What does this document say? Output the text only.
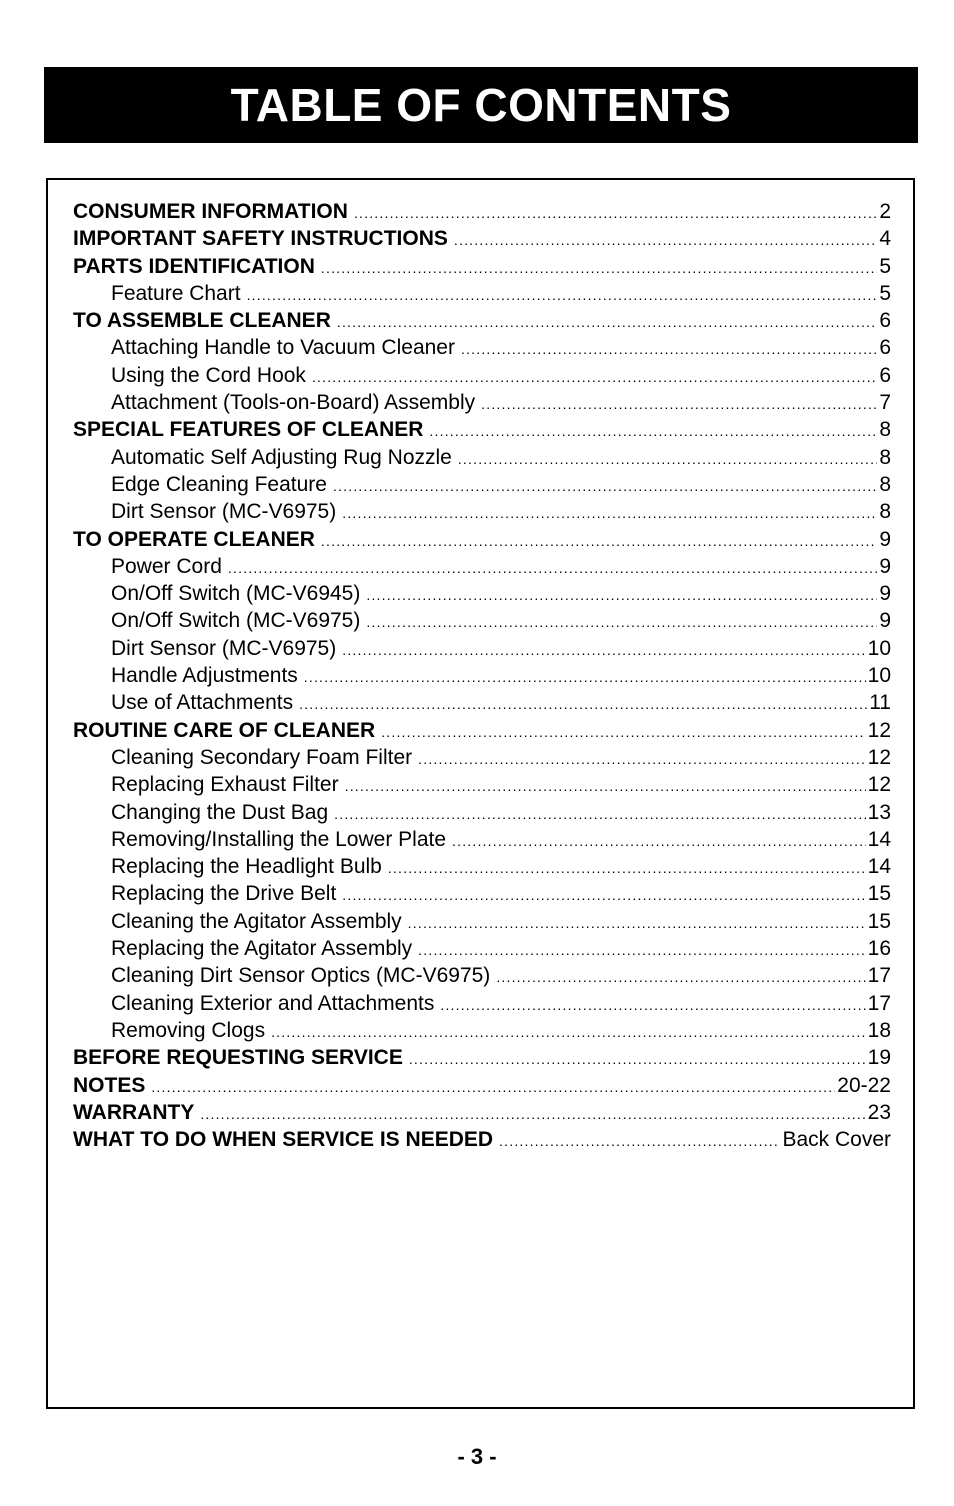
TABLE OF CONTENTS
CONSUMER INFORMATION .....	2
IMPORTANT SAFETY INSTRUCTIONS .....	4
PARTS IDENTIFICATION .....	5
Feature Chart .....	5
TO ASSEMBLE CLEANER .....	6
Attaching Handle to Vacuum Cleaner .....	6
Using the Cord Hook .....	6
Attachment (Tools-on-Board) Assembly .....	7
SPECIAL FEATURES OF CLEANER .....	8
Automatic Self Adjusting Rug Nozzle .....	8
Edge Cleaning Feature .....	8
Dirt Sensor (MC-V6975) .....	8
TO OPERATE CLEANER .....	9
Power Cord .....	9
On/Off Switch (MC-V6945) .....	9
On/Off Switch (MC-V6975) .....	9
Dirt Sensor (MC-V6975) .....	10
Handle Adjustments .....	10
Use of Attachments .....	11
ROUTINE CARE OF CLEANER .....	12
Cleaning Secondary Foam Filter .....	12
Replacing Exhaust Filter .....	12
Changing the Dust Bag .....	13
Removing/Installing the Lower Plate .....	14
Replacing the Headlight Bulb .....	14
Replacing the Drive Belt .....	15
Cleaning the Agitator Assembly .....	15
Replacing the Agitator Assembly .....	16
Cleaning Dirt Sensor Optics (MC-V6975) .....	17
Cleaning Exterior and Attachments .....	17
Removing Clogs .....	18
BEFORE REQUESTING SERVICE .....	19
NOTES .....	20-22
WARRANTY .....	23
WHAT TO DO WHEN SERVICE IS NEEDED .....	Back Cover
- 3 -
